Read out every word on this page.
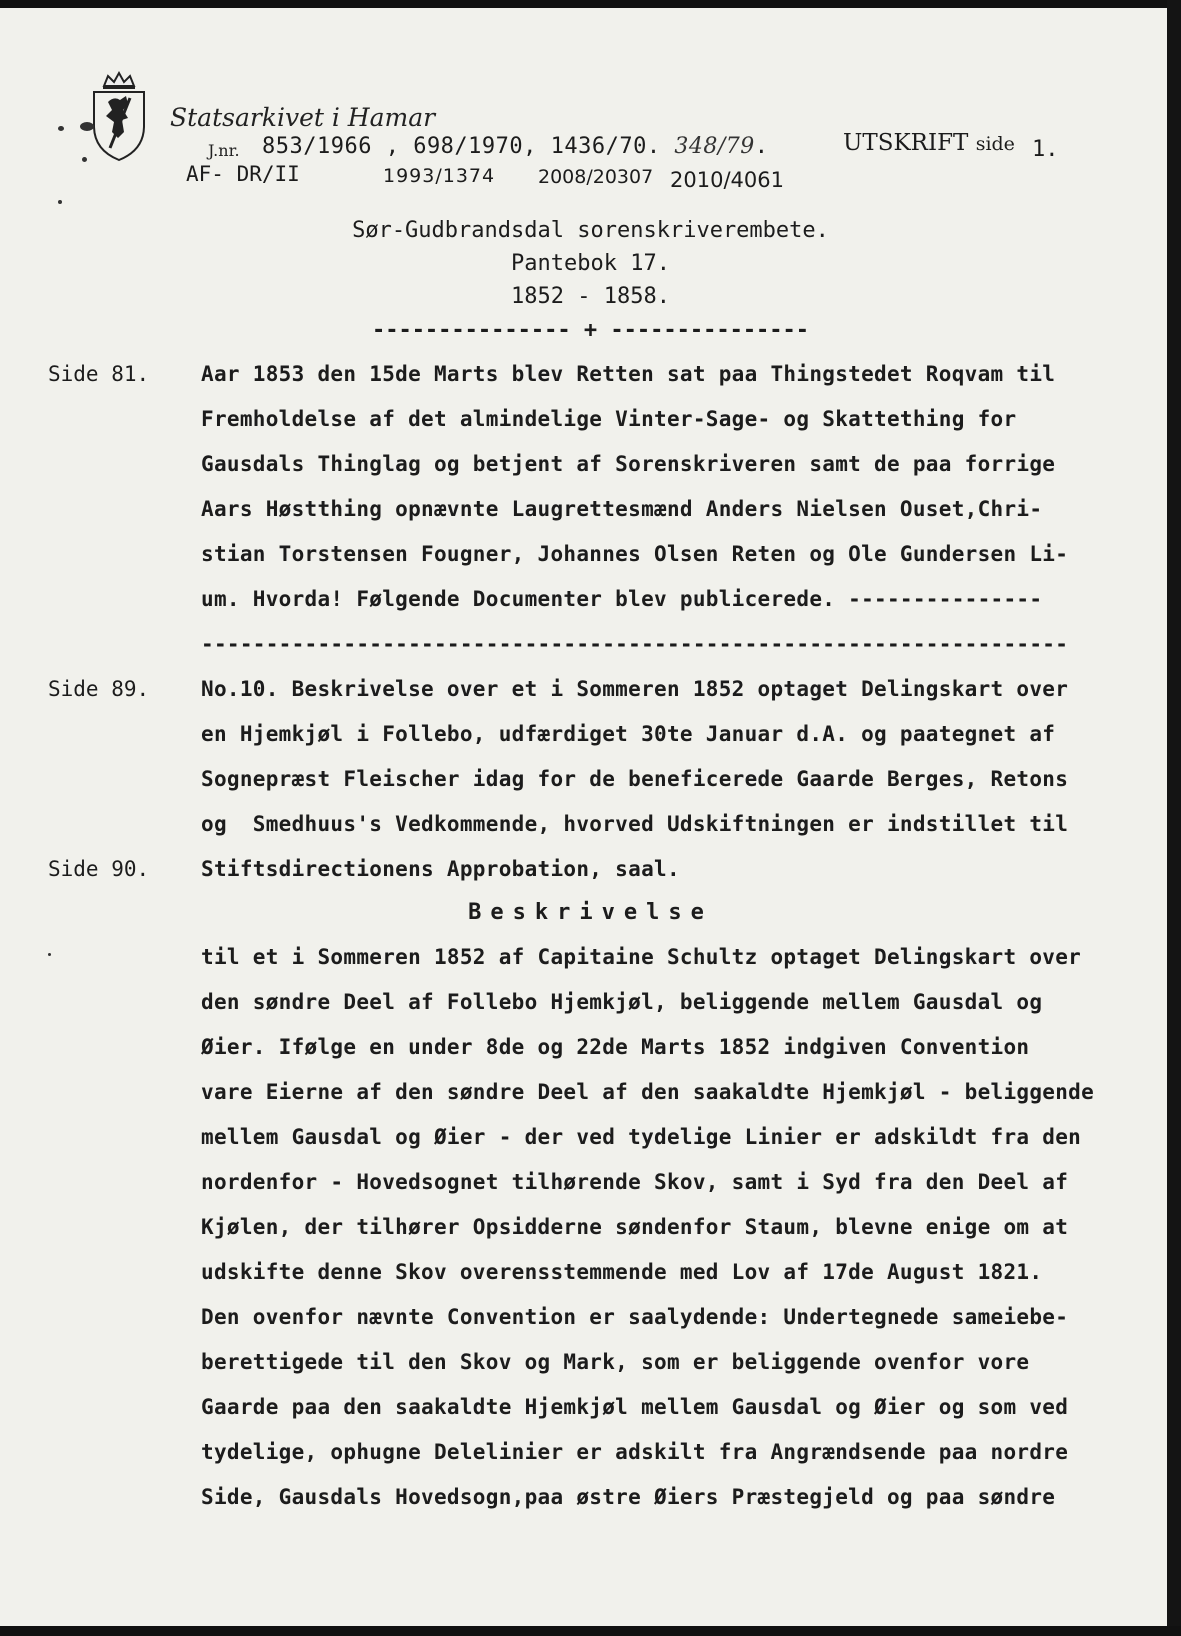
Statsarkivet i Hamar
J.nr. 853/1966 , 698/1970, 1436/70. 348/79.	UTSKRIFT side 1.
AF- DR/II	1993/1374 2008/20307 2010/4061
Sør-Gudbrandsdal sorenskriverembete.
Pantebok 17.
1852 - 1858.
--------------- + ---------------
Side 81.
Side 89.
Side 90.
Aar 1853 den 15de Marts blev Retten sat paa Thingstedet Roqvam til
Fremholdelse af det almindelige Vinter-Sage- og Skattething for
Gausdals Thinglag og betjent af Sorenskriveren samt de paa forrige
Aars Høstthing opnævnte Laugrettesmænd Anders Nielsen Ouset,Chri-
stian Torstensen Fougner, Johannes Olsen Reten og Ole Gundersen Li-
um. Hvorda! Følgende Documenter blev publicerede. ---------------
-------------------------------------------------------------------
No.10. Beskrivelse over et i Sommeren 1852 optaget Delingskart over
en Hjemkjøl i Follebo, udfærdiget 30te Januar d.A. og paategnet af
Sognepræst Fleischer idag for de beneficerede Gaarde Berges, Retons
og  Smedhuus's Vedkommende, hvorved Udskiftningen er indstillet til
Stiftsdirectionens Approbation, saal.
Beskrivelse
til et i Sommeren 1852 af Capitaine Schultz optaget Delingskart over
den søndre Deel af Follebo Hjemkjøl, beliggende mellem Gausdal og
Øier. Ifølge en under 8de og 22de Marts 1852 indgiven Convention
vare Eierne af den søndre Deel af den saakaldte Hjemkjøl - beliggende
mellem Gausdal og Øier - der ved tydelige Linier er adskildt fra den
nordenfor - Hovedsognet tilhørende Skov, samt i Syd fra den Deel af
Kjølen, der tilhører Opsidderne søndenfor Staum, blevne enige om at
udskifte denne Skov overensstemmende med Lov af 17de August 1821.
Den ovenfor nævnte Convention er saalydende: Undertegnede sameiebe-
berettigede til den Skov og Mark, som er beliggende ovenfor vore
Gaarde paa den saakaldte Hjemkjøl mellem Gausdal og Øier og som ved
tydelige, ophugne Delelinier er adskilt fra Angrændsende paa nordre
Side, Gausdals Hovedsogn,paa østre Øiers Præstegjeld og paa søndre
